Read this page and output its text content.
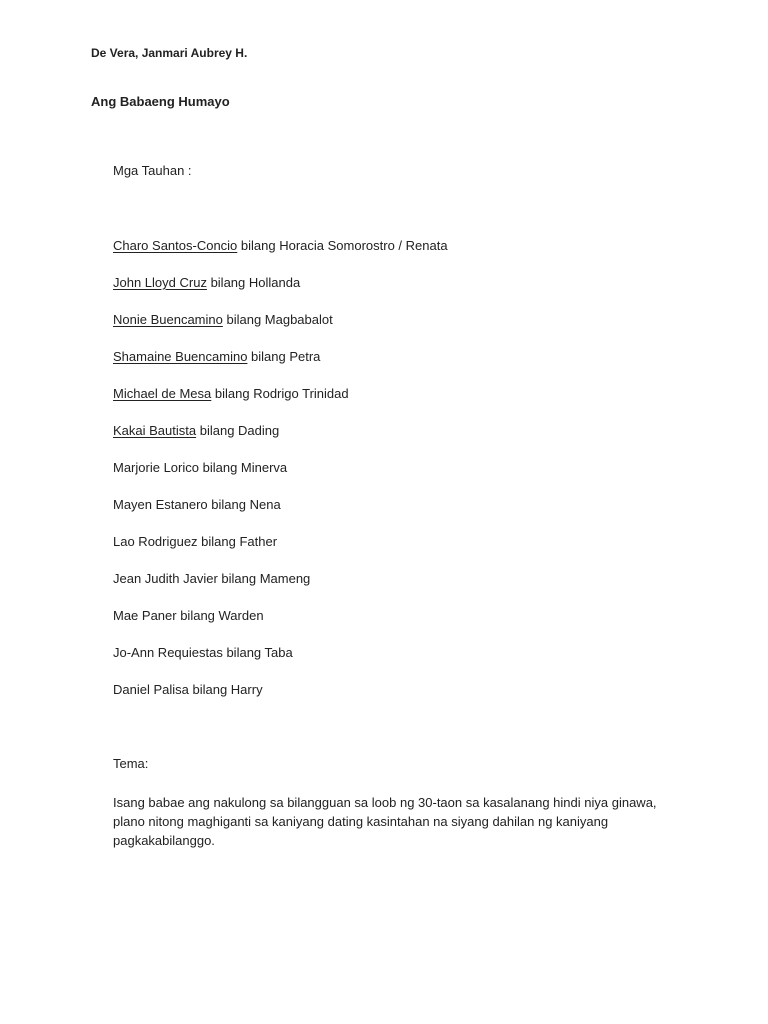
De Vera, Janmari Aubrey H.
Ang Babaeng Humayo
Mga Tauhan :
Charo Santos-Concio bilang Horacia Somorostro / Renata
John Lloyd Cruz bilang Hollanda
Nonie Buencamino bilang Magbabalot
Shamaine Buencamino bilang Petra
Michael de Mesa bilang Rodrigo Trinidad
Kakai Bautista bilang Dading
Marjorie Lorico bilang Minerva
Mayen Estanero bilang Nena
Lao Rodriguez bilang Father
Jean Judith Javier bilang Mameng
Mae Paner bilang Warden
Jo-Ann Requiestas bilang Taba
Daniel Palisa bilang Harry
Tema:
Isang babae ang nakulong sa bilangguan sa loob ng 30-taon sa kasalanang hindi niya ginawa,
plano nitong maghiganti sa kaniyang dating kasintahan na siyang dahilan ng kaniyang
pagkakabilanggo.
